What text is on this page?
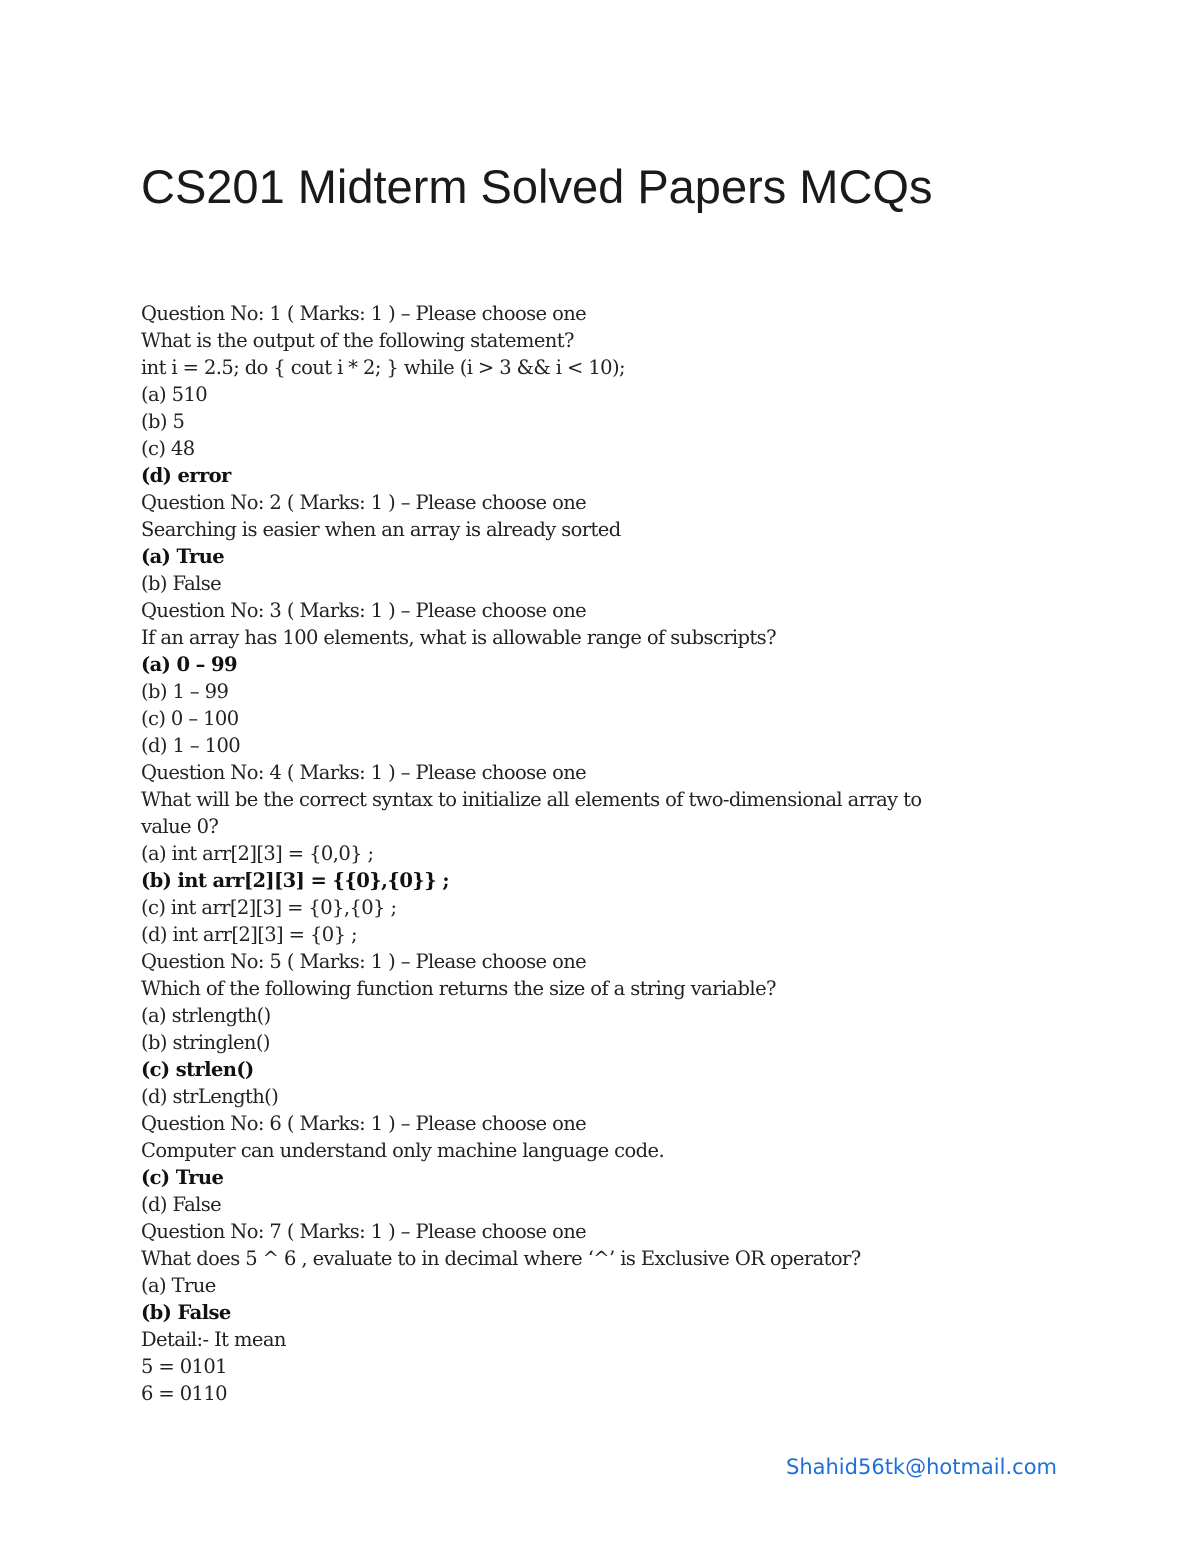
CS201 Midterm Solved Papers MCQs
Question No: 1 ( Marks: 1 ) – Please choose one
What is the output of the following statement?
int i = 2.5; do { cout i * 2; } while (i > 3 && i < 10);
(a) 510
(b) 5
(c) 48
(d) error
Question No: 2 ( Marks: 1 ) – Please choose one
Searching is easier when an array is already sorted
(a) True
(b) False
Question No: 3 ( Marks: 1 ) – Please choose one
If an array has 100 elements, what is allowable range of subscripts?
(a) 0 – 99
(b) 1 – 99
(c) 0 – 100
(d) 1 – 100
Question No: 4 ( Marks: 1 ) – Please choose one
What will be the correct syntax to initialize all elements of two-dimensional array to
value 0?
(a) int arr[2][3] = {0,0} ;
(b) int arr[2][3] = {{0},{0}} ;
(c) int arr[2][3] = {0},{0} ;
(d) int arr[2][3] = {0} ;
Question No: 5 ( Marks: 1 ) – Please choose one
Which of the following function returns the size of a string variable?
(a) strlength()
(b) stringlen()
(c) strlen()
(d) strLength()
Question No: 6 ( Marks: 1 ) – Please choose one
Computer can understand only machine language code.
(c) True
(d) False
Question No: 7 ( Marks: 1 ) – Please choose one
What does 5 ^ 6 , evaluate to in decimal where ‘^’ is Exclusive OR operator?
(a) True
(b) False
Detail:- It mean
5 = 0101
6 = 0110
Shahid56tk@hotmail.com
